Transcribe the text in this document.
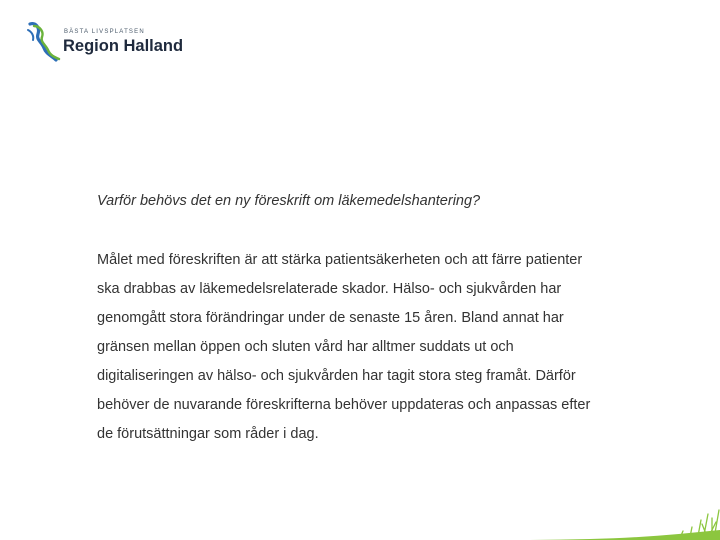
BÄSTA LIVSPLATSEN
Region Halland

Varför behövs det en ny föreskrift om läkemedelshantering?

Målet med föreskriften är att stärka patientsäkerheten och att färre patienter
ska drabbas av läkemedelsrelaterade skador. Hälso- och sjukvården har
genomgått stora förändringar under de senaste 15 åren. Bland annat har
gränsen mellan öppen och sluten vård har alltmer suddats ut och
digitaliseringen av hälso- och sjukvården har tagit stora steg framåt. Därför
behöver de nuvarande föreskrifterna behöver uppdateras och anpassas efter
de förutsättningar som råder i dag.
